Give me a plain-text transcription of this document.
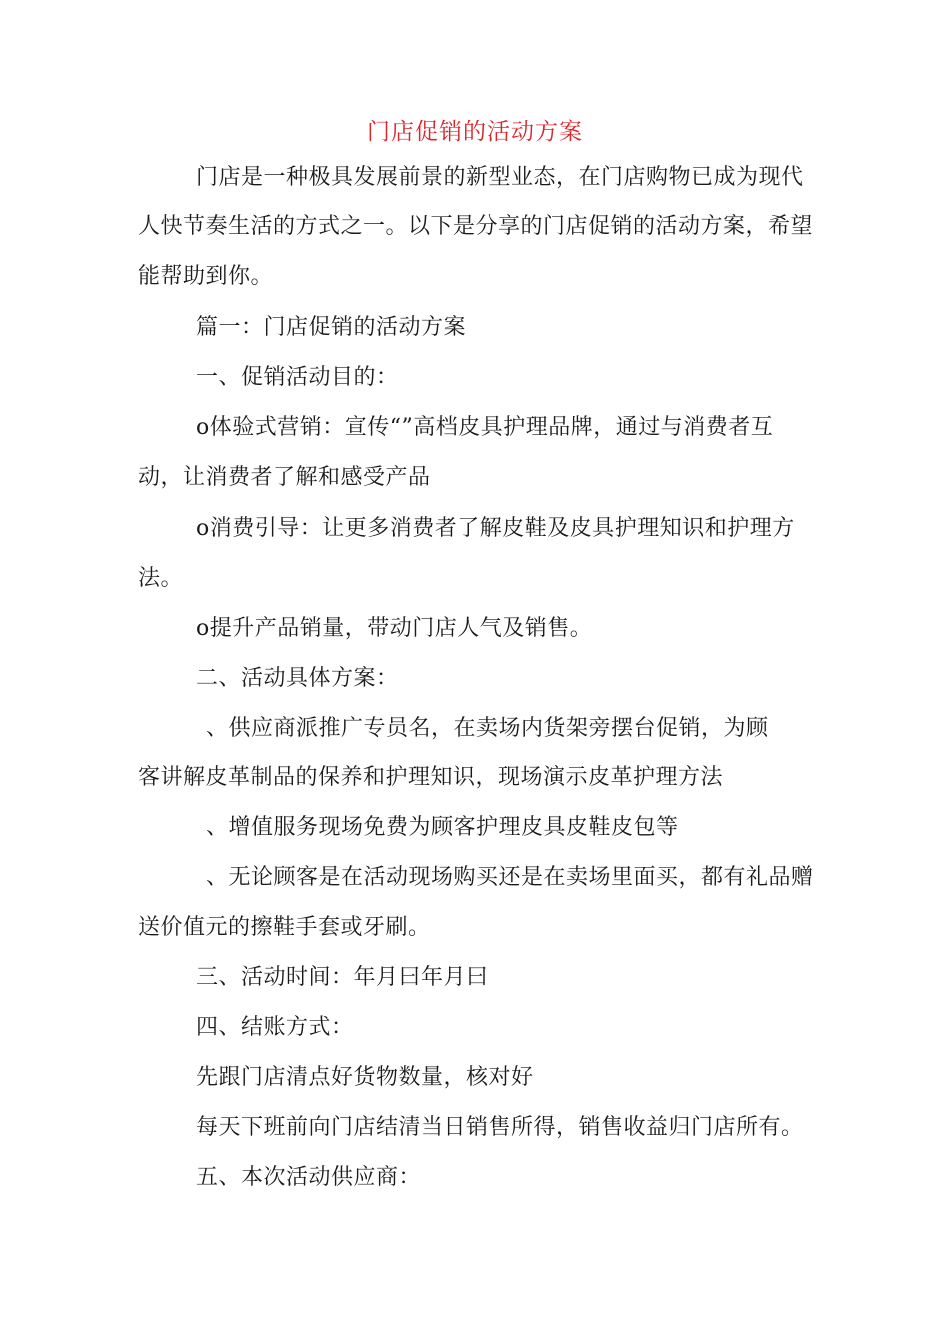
门店促销的活动方案
门店是一种极具发展前景的新型业态，在门店购物已成为现代
人快节奏生活的方式之一。以下是分享的门店促销的活动方案，希望
能帮助到你。
篇一：门店促销的活动方案
一、促销活动目的：
o体验式营销：宣传“”高档皮具护理品牌，通过与消费者互
动，让消费者了解和感受产品
o消费引导：让更多消费者了解皮鞋及皮具护理知识和护理方
法。
o提升产品销量，带动门店人气及销售。
二、活动具体方案：
、供应商派推广专员名，在卖场内货架旁摆台促销，为顾
客讲解皮革制品的保养和护理知识，现场演示皮革护理方法
、增值服务现场免费为顾客护理皮具皮鞋皮包等
、无论顾客是在活动现场购买还是在卖场里面买，都有礼品赠
送价值元的擦鞋手套或牙刷。
三、活动时间：年月曰年月曰
四、结账方式：
先跟门店清点好货物数量，核对好
每天下班前向门店结清当日销售所得，销售收益归门店所有。
五、本次活动供应商：
